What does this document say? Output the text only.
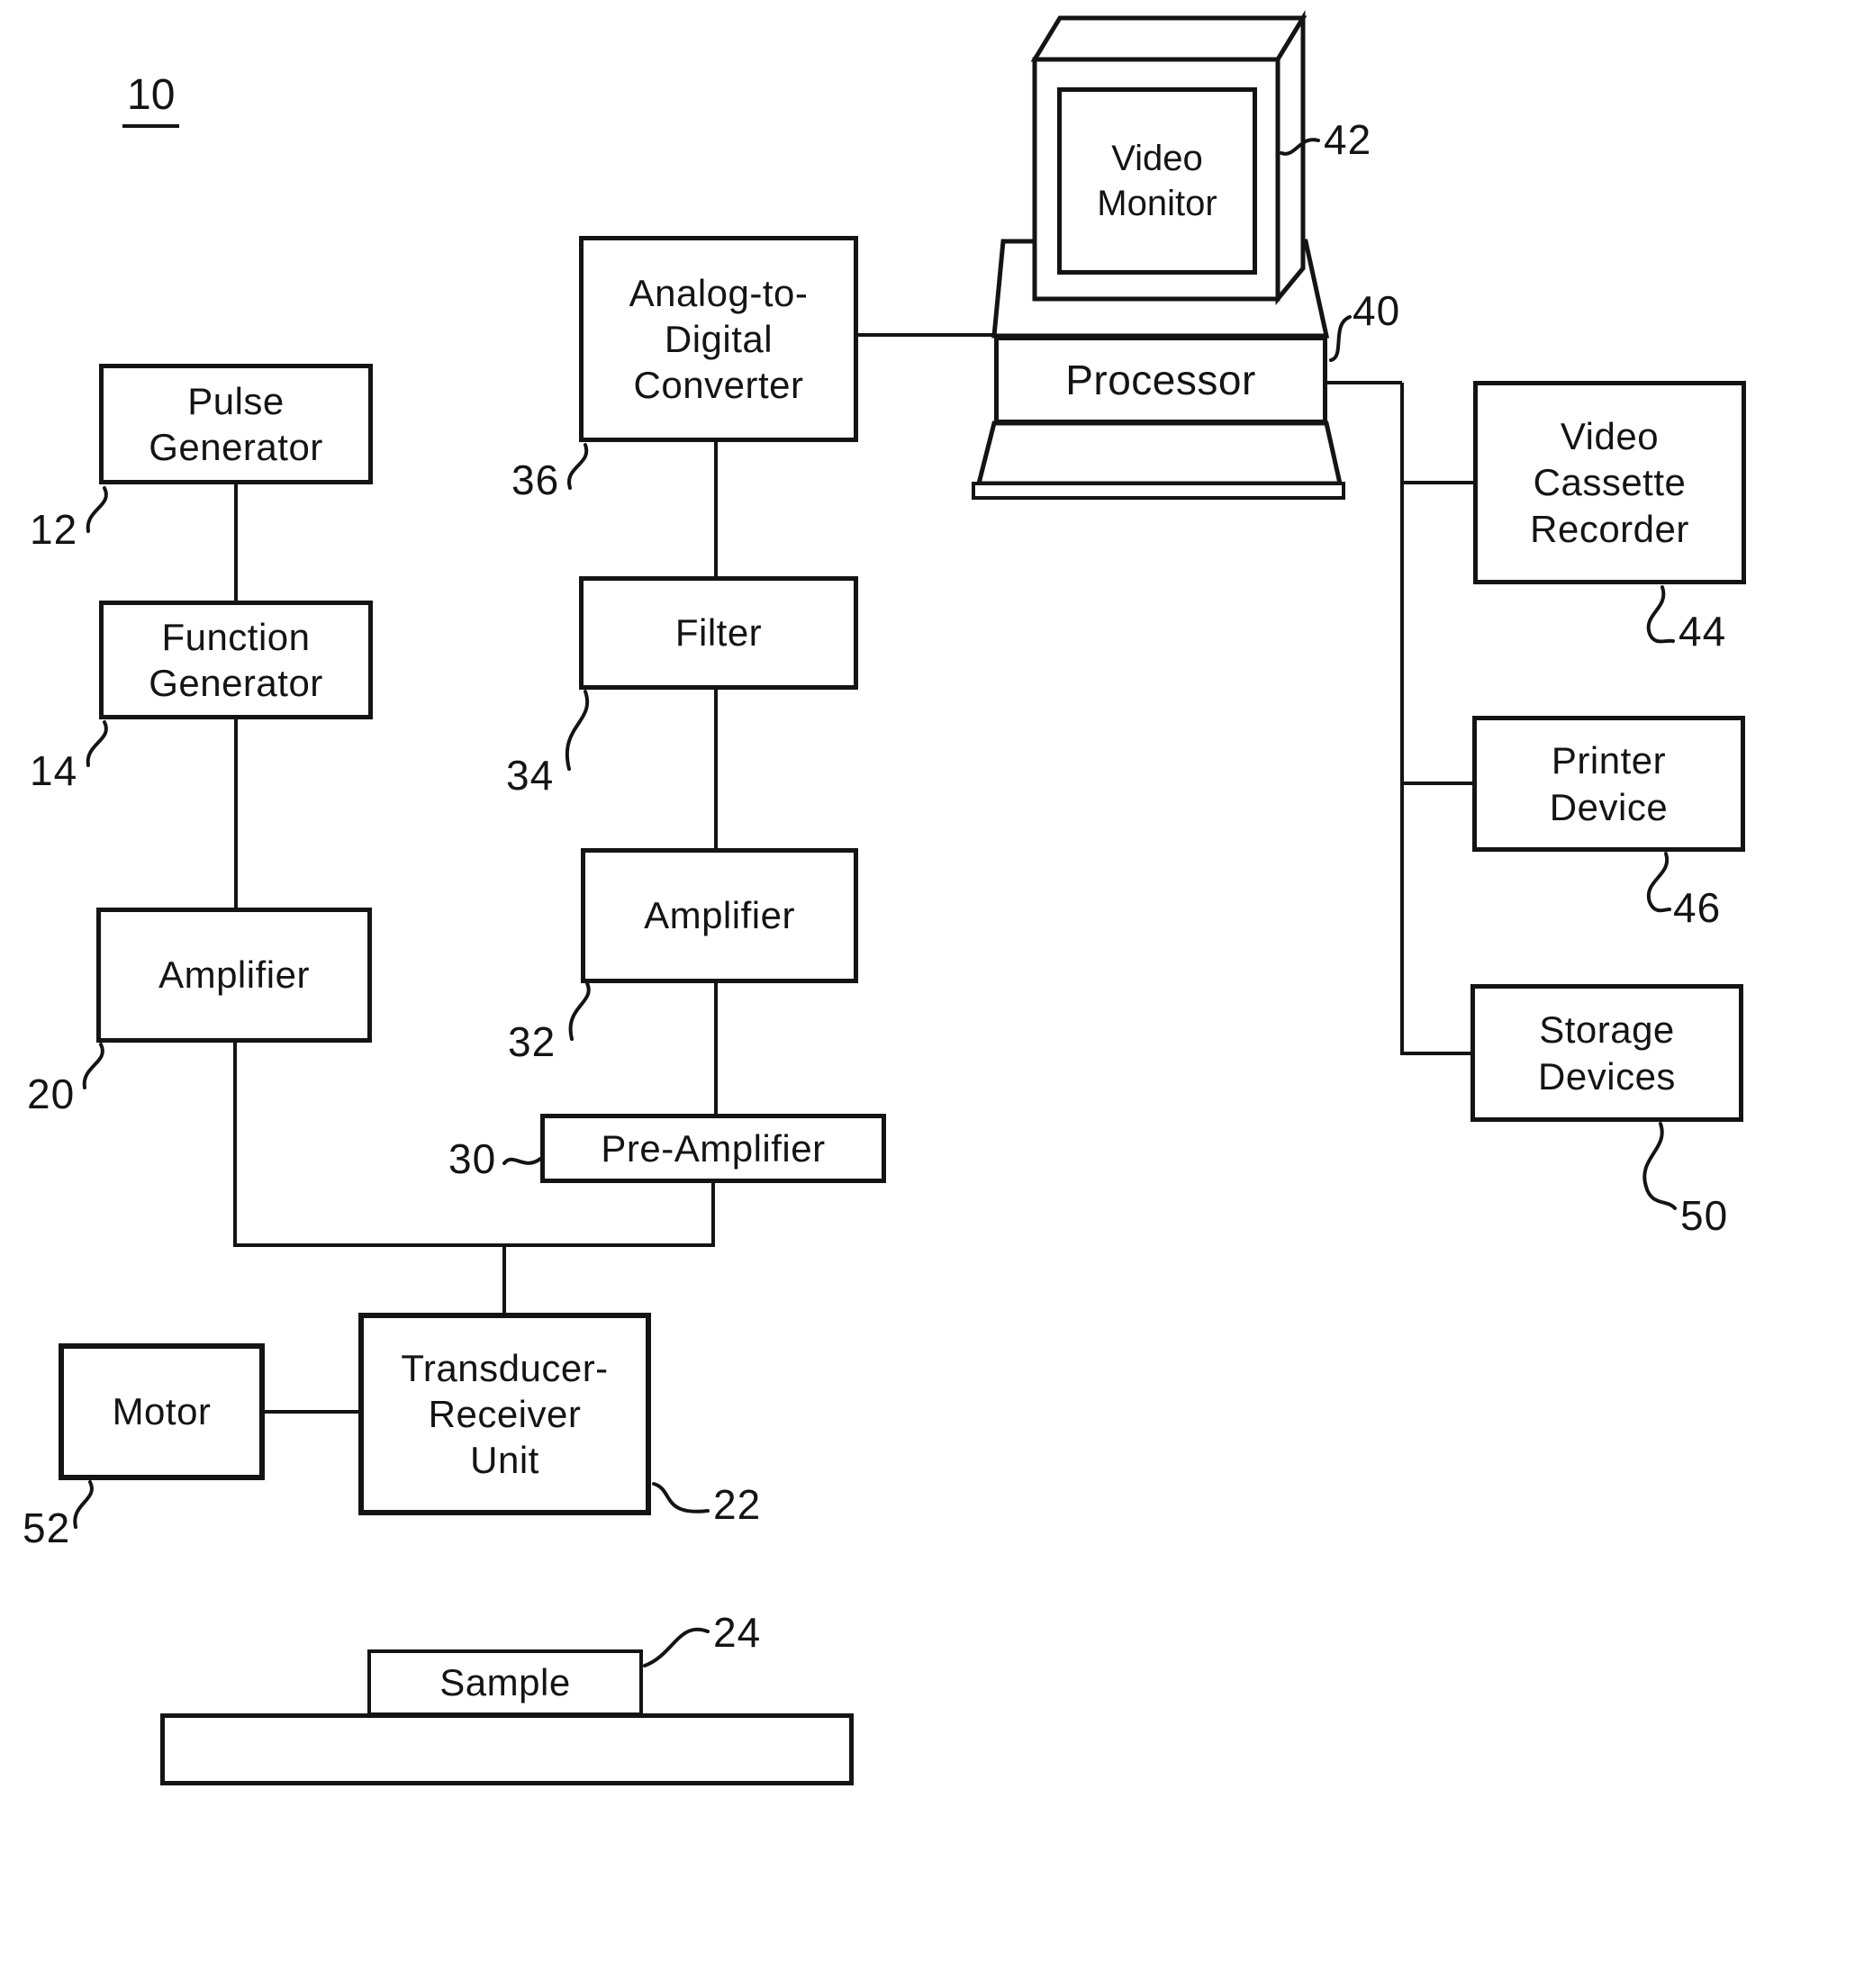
10
Pulse
Generator
Function
Generator
Amplifier
Analog-to-
Digital
Converter
Filter
Amplifier
Pre-Amplifier
Transducer-
Receiver
Unit
Motor
Sample
Video
Monitor
Processor
Video
Cassette
Recorder
Printer
Device
Storage
Devices
12
14
20
36
34
32
30
22
52
24
42
40
44
46
50
